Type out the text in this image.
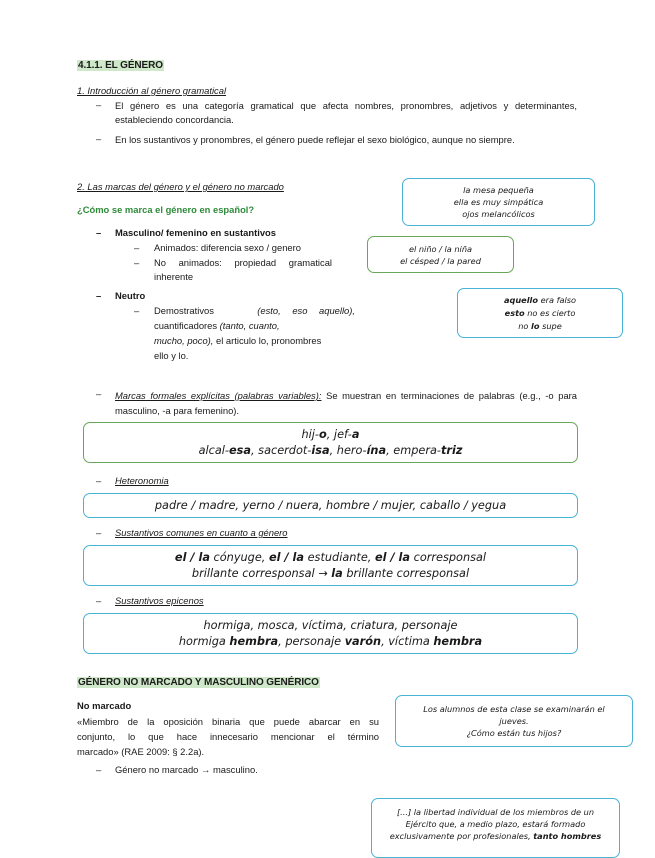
4.1.1. EL GÉNERO
1. Introducción al género gramatical
– El género es una categoría gramatical que afecta nombres, pronombres, adjetivos y determinantes, estableciendo concordancia.
– En los sustantivos y pronombres, el género puede reflejar el sexo biológico, aunque no siempre.
2. Las marcas del género y el género no marcado
¿Cómo se marca el género en español?
– Masculino/ femenino en sustantivos
– Animados: diferencia sexo / genero
– No animados: propiedad gramatical
inherente
– Neutro
– Demostrativos	(esto, eso aquello),
cuantificadores (tanto, cuanto,
mucho, poco), el articulo lo, pronombres
ello y lo.

la mesa pequeña

ella es muy simpática

ojos melancólicos

el niño / la niña

el césped / la pared

aquello era falso

esto no es cierto

no lo supe

– Marcas formales explícitas (palabras variables): Se muestran en terminaciones de palabras (e.g., -o para masculino, -a para femenino).

hij-o, jef-a

alcal-esa, sacerdot-isa, hero-ína, empera-triz

– Heteronomia

padre / madre, yerno / nuera, hombre / mujer, caballo / yegua

– Sustantivos comunes en cuanto a género

el / la cónyuge, el / la estudiante, el / la corresponsal

brillante corresponsal → la brillante corresponsal

– Sustantivos epicenos

hormiga, mosca, víctima, criatura, personaje

hormiga hembra, personaje varón, víctima hembra

GÉNERO NO MARCADO Y MASCULINO GENÉRICO
No marcado

«Miembro de la oposición binaria que puede abarcar en su

conjunto, lo que hace innecesario mencionar el término

marcado» (RAE 2009: § 2.2a).

– Género no marcado → masculino.

Los alumnos de esta clase se examinarán el

jueves.

¿Cómo están tus hijos?

[...] la libertad individual de los miembros de un

Ejército que, a medio plazo, estará formado

exclusivamente por profesionales, tanto hombres
